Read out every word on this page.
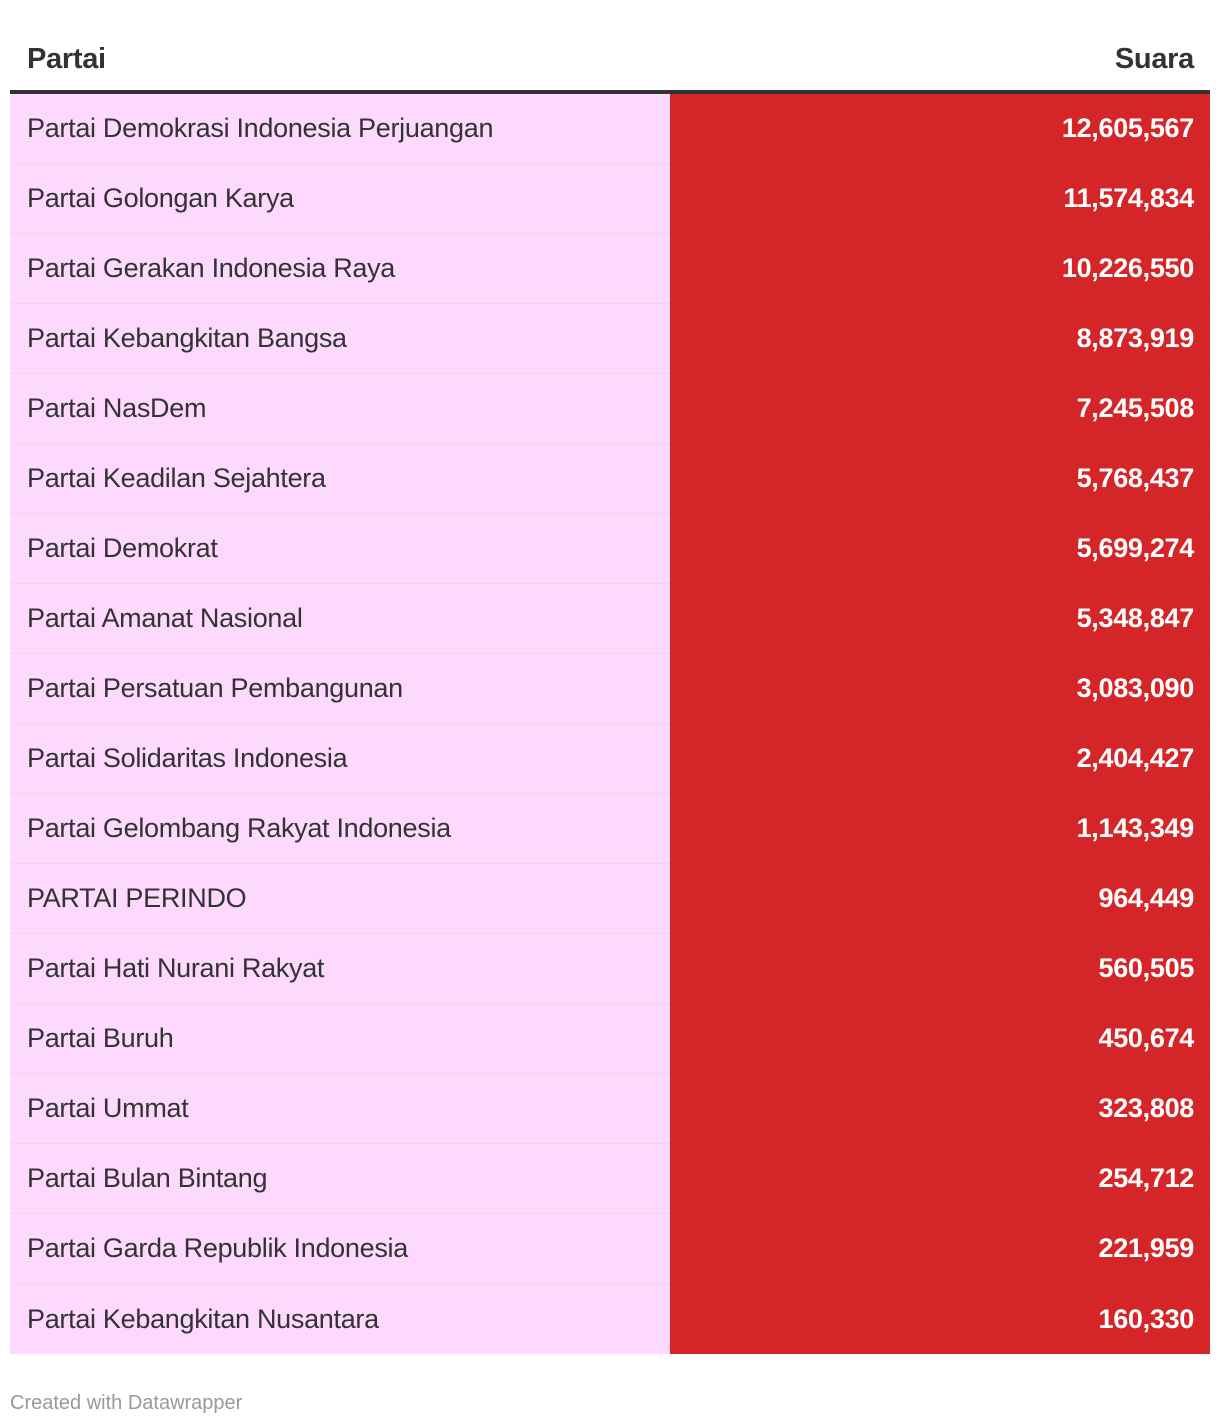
Partai	Suara
Partai Demokrasi Indonesia Perjuangan	12,605,567
Partai Golongan Karya	11,574,834
Partai Gerakan Indonesia Raya	10,226,550
Partai Kebangkitan Bangsa	8,873,919
Partai NasDem	7,245,508
Partai Keadilan Sejahtera	5,768,437
Partai Demokrat	5,699,274
Partai Amanat Nasional	5,348,847
Partai Persatuan Pembangunan	3,083,090
Partai Solidaritas Indonesia	2,404,427
Partai Gelombang Rakyat Indonesia	1,143,349
PARTAI PERINDO	964,449
Partai Hati Nurani Rakyat	560,505
Partai Buruh	450,674
Partai Ummat	323,808
Partai Bulan Bintang	254,712
Partai Garda Republik Indonesia	221,959
Partai Kebangkitan Nusantara	160,330
Created with Datawrapper
